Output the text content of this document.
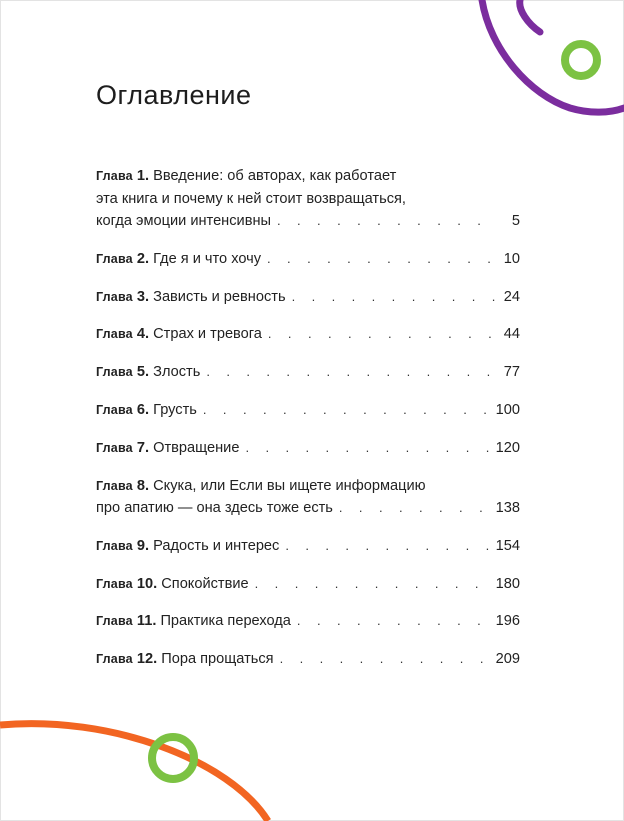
Оглавление
Глава
1.
Введение: об авторах, как работает
эта книга и почему к ней стоит возвращаться,
когда эмоции интенсивны . . .	5
Глава
2.
Где я и что хочу . . .	10
Глава
3.
Зависть и ревность . . .	24
Глава
4.
Страх и тревога . . .	44
Глава
5.
Злость . . .	77
Глава
6.
Грусть . . .	100
Глава
7.
Отвращение . . .	120
Глава
8.
Скука, или Если вы ищете информацию
про апатию — она здесь тоже есть . . .	138
Глава
9.
Радость и интерес . . .	154
Глава
10.
Спокойствие . . .	180
Глава
11.
Практика перехода . . .	196
Глава
12.
Пора прощаться . . .	209
